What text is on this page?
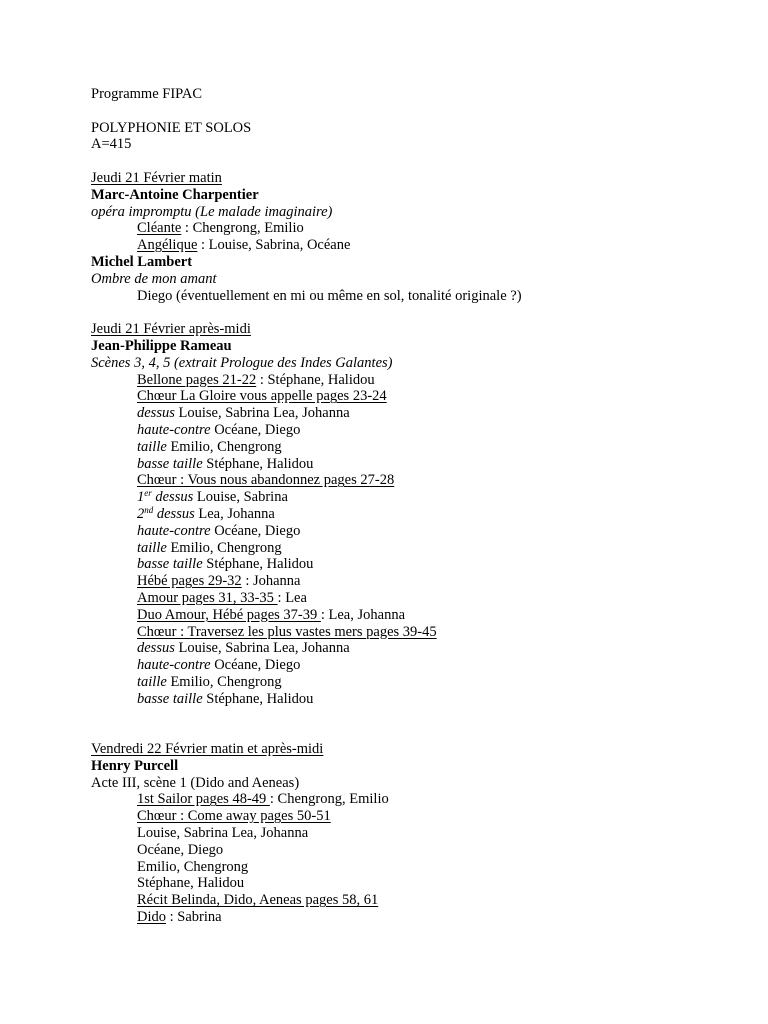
Programme FIPAC
POLYPHONIE ET SOLOS
A=415
Jeudi 21 Février matin
Marc-Antoine Charpentier
opéra impromptu (Le malade imaginaire)
Cléante : Chengrong, Emilio
Angélique : Louise, Sabrina, Océane
Michel Lambert
Ombre de mon amant
Diego (éventuellement en mi ou même en sol, tonalité originale ?)
Jeudi 21 Février après-midi
Jean-Philippe Rameau
Scènes 3, 4, 5 (extrait Prologue des Indes Galantes)
Bellone pages 21-22 : Stéphane, Halidou
Chœur La Gloire vous appelle pages 23-24
dessus Louise, Sabrina Lea, Johanna
haute-contre Océane, Diego
taille Emilio, Chengrong
basse taille Stéphane, Halidou
Chœur : Vous nous abandonnez pages 27-28
1er dessus Louise, Sabrina
2nd dessus Lea, Johanna
haute-contre Océane, Diego
taille Emilio, Chengrong
basse taille Stéphane, Halidou
Hébé pages 29-32 : Johanna
Amour pages 31, 33-35 : Lea
Duo Amour, Hébé pages 37-39 : Lea, Johanna
Chœur : Traversez les plus vastes mers pages 39-45
dessus Louise, Sabrina Lea, Johanna
haute-contre Océane, Diego
taille Emilio, Chengrong
basse taille Stéphane, Halidou
Vendredi 22 Février matin et après-midi
Henry Purcell
Acte III, scène 1 (Dido and Aeneas)
1st Sailor pages 48-49 : Chengrong, Emilio
Chœur : Come away pages 50-51
Louise, Sabrina Lea, Johanna
Océane, Diego
Emilio, Chengrong
Stéphane, Halidou
Récit Belinda, Dido, Aeneas pages 58, 61
Dido : Sabrina
